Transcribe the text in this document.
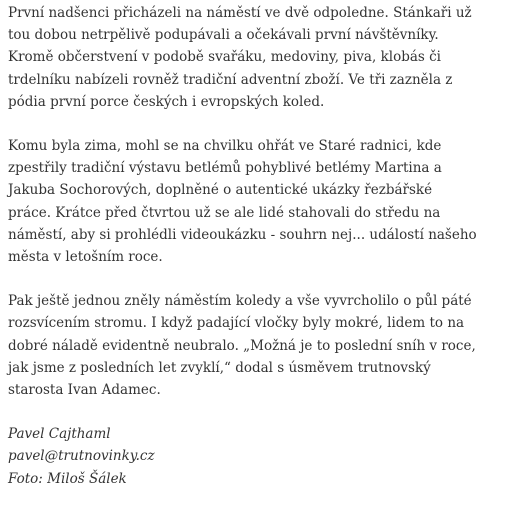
První nadšenci přicházeli na náměstí ve dvě odpoledne. Stánkaři už
tou dobou netrpělivě podupávali a očekávali první návštěvníky.
Kromě občerstvení v podobě svařáku, medoviny, piva, klobás či
trdelníku nabízeli rovněž tradiční adventní zboží. Ve tři zazněla z
pódia první porce českých i evropských koled.

Komu byla zima, mohl se na chvilku ohřát ve Staré radnici, kde
zpestřily tradiční výstavu betlémů pohyblivé betlémy Martina a
Jakuba Sochorových, doplněné o autentické ukázky řezbářské
práce. Krátce před čtvrtou už se ale lidé stahovali do středu na
náměstí, aby si prohlédli videoukázku - souhrn nej... událostí našeho
města v letošním roce.

Pak ještě jednou zněly náměstím koledy a vše vyvrcholilo o půl páté
rozsvícením stromu. I když padající vločky byly mokré, lidem to na
dobré náladě evidentně neubralo. „Možná je to poslední sníh v roce,
jak jsme z posledních let zvyklí,“ dodal s úsměvem trutnovský
starosta Ivan Adamec.

Pavel Cajthaml
pavel@trutnovinky.cz
Foto: Miloš Šálek
